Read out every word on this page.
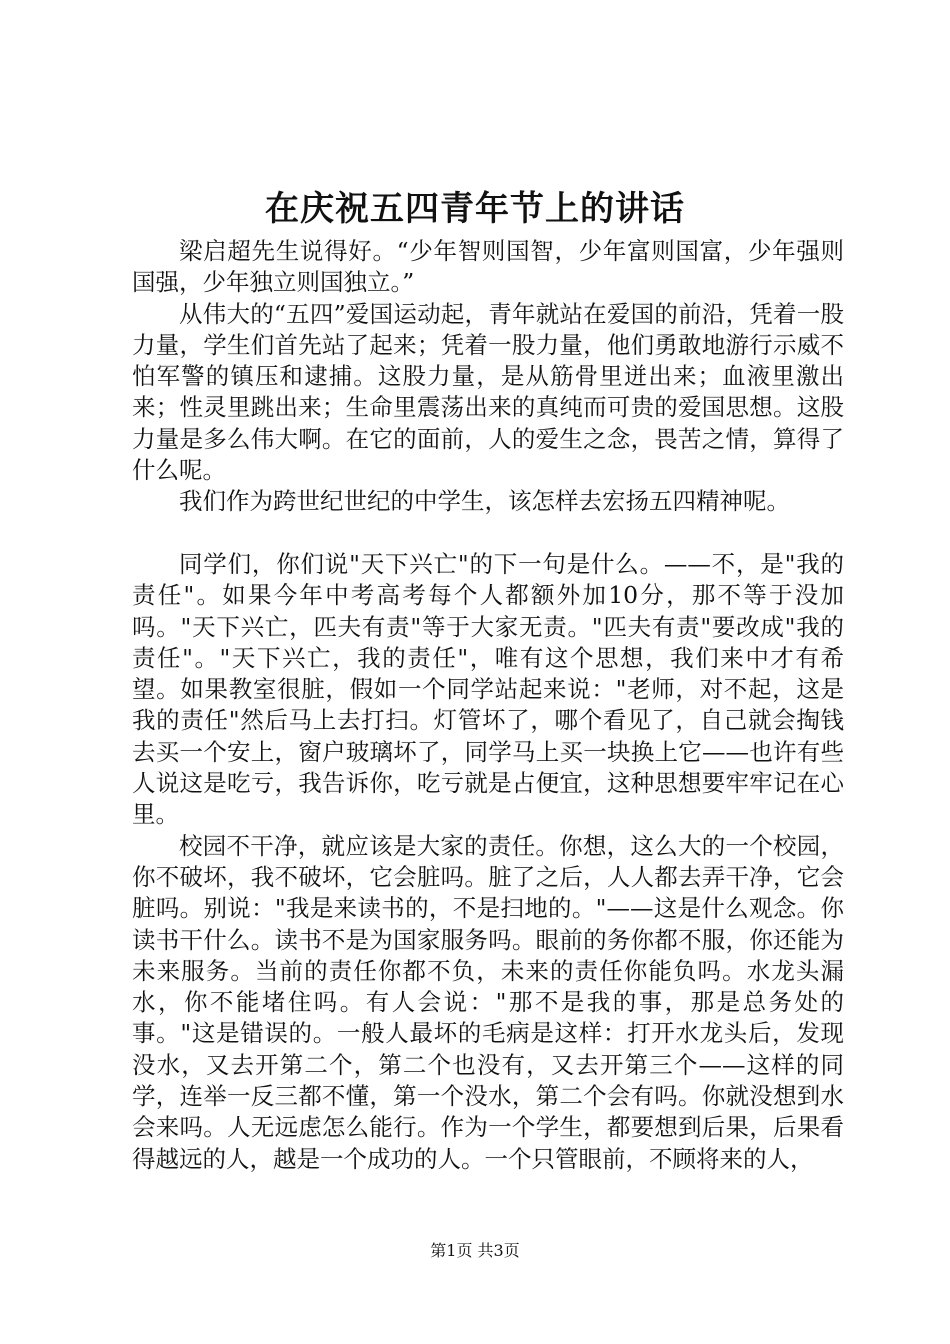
在庆祝五四青年节上的讲话

梁启超先生说得好。“少年智则国智，少年富则国富，少年强则国强，少年独立则国独立。”

从伟大的“五四”爱国运动起，青年就站在爱国的前沿，凭着一股力量，学生们首先站了起来；凭着一股力量，他们勇敢地游行示威不怕军警的镇压和逮捕。这股力量，是从筋骨里迸出来；血液里激出来；性灵里跳出来；生命里震荡出来的真纯而可贵的爱国思想。这股力量是多么伟大啊。在它的面前，人的爱生之念，畏苦之情，算得了什么呢。

我们作为跨世纪世纪的中学生，该怎样去宏扬五四精神呢。

同学们，你们说"天下兴亡"的下一句是什么。——不，是"我的责任"。如果今年中考高考每个人都额外加10分，那不等于没加吗。"天下兴亡，匹夫有责"等于大家无责。"匹夫有责"要改成"我的责任"。"天下兴亡，我的责任"，唯有这个思想，我们来中才有希望。如果教室很脏，假如一个同学站起来说："老师，对不起，这是我的责任"然后马上去打扫。灯管坏了，哪个看见了，自己就会掏钱去买一个安上，窗户玻璃坏了，同学马上买一块换上它——也许有些人说这是吃亏，我告诉你，吃亏就是占便宜，这种思想要牢牢记在心里。

校园不干净，就应该是大家的责任。你想，这么大的一个校园，你不破坏，我不破坏，它会脏吗。脏了之后，人人都去弄干净，它会脏吗。别说："我是来读书的，不是扫地的。"——这是什么观念。你读书干什么。读书不是为国家服务吗。眼前的务你都不服，你还能为未来服务。当前的责任你都不负，未来的责任你能负吗。水龙头漏水，你不能堵住吗。有人会说："那不是我的事，那是总务处的事。"这是错误的。一般人最坏的毛病是这样：打开水龙头后，发现没水，又去开第二个，第二个也没有，又去开第三个——这样的同学，连举一反三都不懂，第一个没水，第二个会有吗。你就没想到水会来吗。人无远虑怎么能行。作为一个学生，都要想到后果，后果看得越远的人，越是一个成功的人。一个只管眼前，不顾将来的人，

第1页 共3页
